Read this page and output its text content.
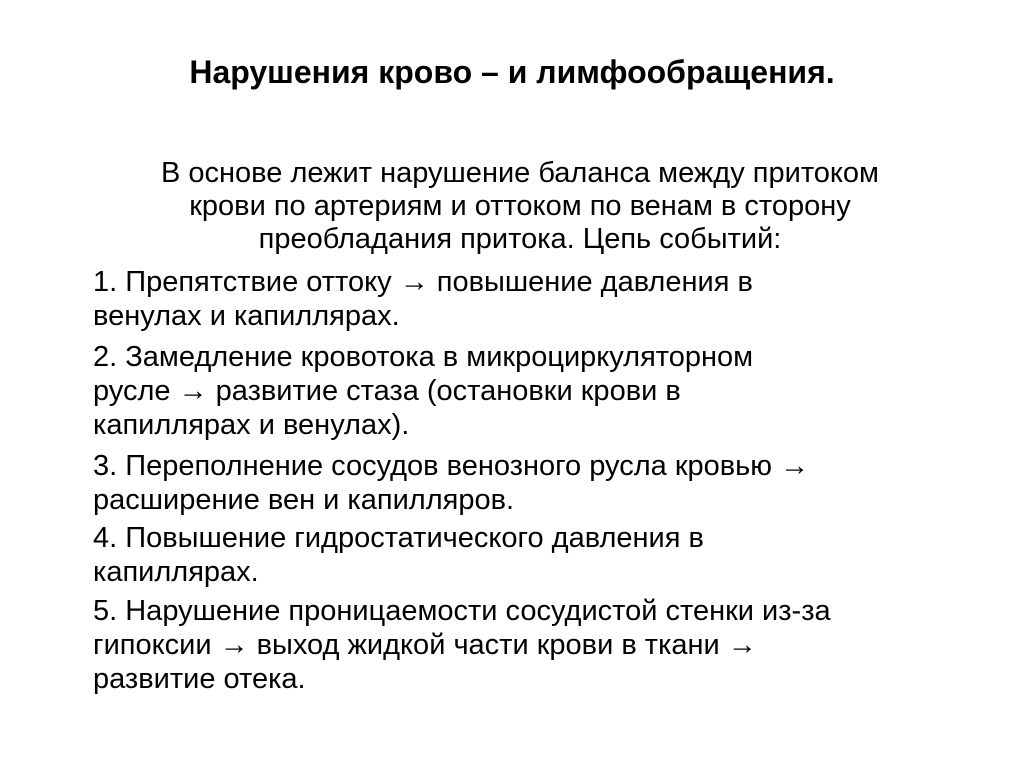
Нарушения крово – и лимфообращения.

В основе лежит нарушение баланса между притоком
крови по артериям и оттоком по венам в сторону
преобладания притока. Цепь событий:

1. Препятствие оттоку → повышение давления в
венулах и капиллярах.

2. Замедление кровотока в микроциркуляторном
русле → развитие стаза (остановки крови в
капиллярах и венулах).

3. Переполнение сосудов венозного русла кровью →
расширение вен и капилляров.

4. Повышение гидростатического давления в
капиллярах.

5. Нарушение проницаемости сосудистой стенки из-за
гипоксии → выход жидкой части крови в ткани →
развитие отека.
